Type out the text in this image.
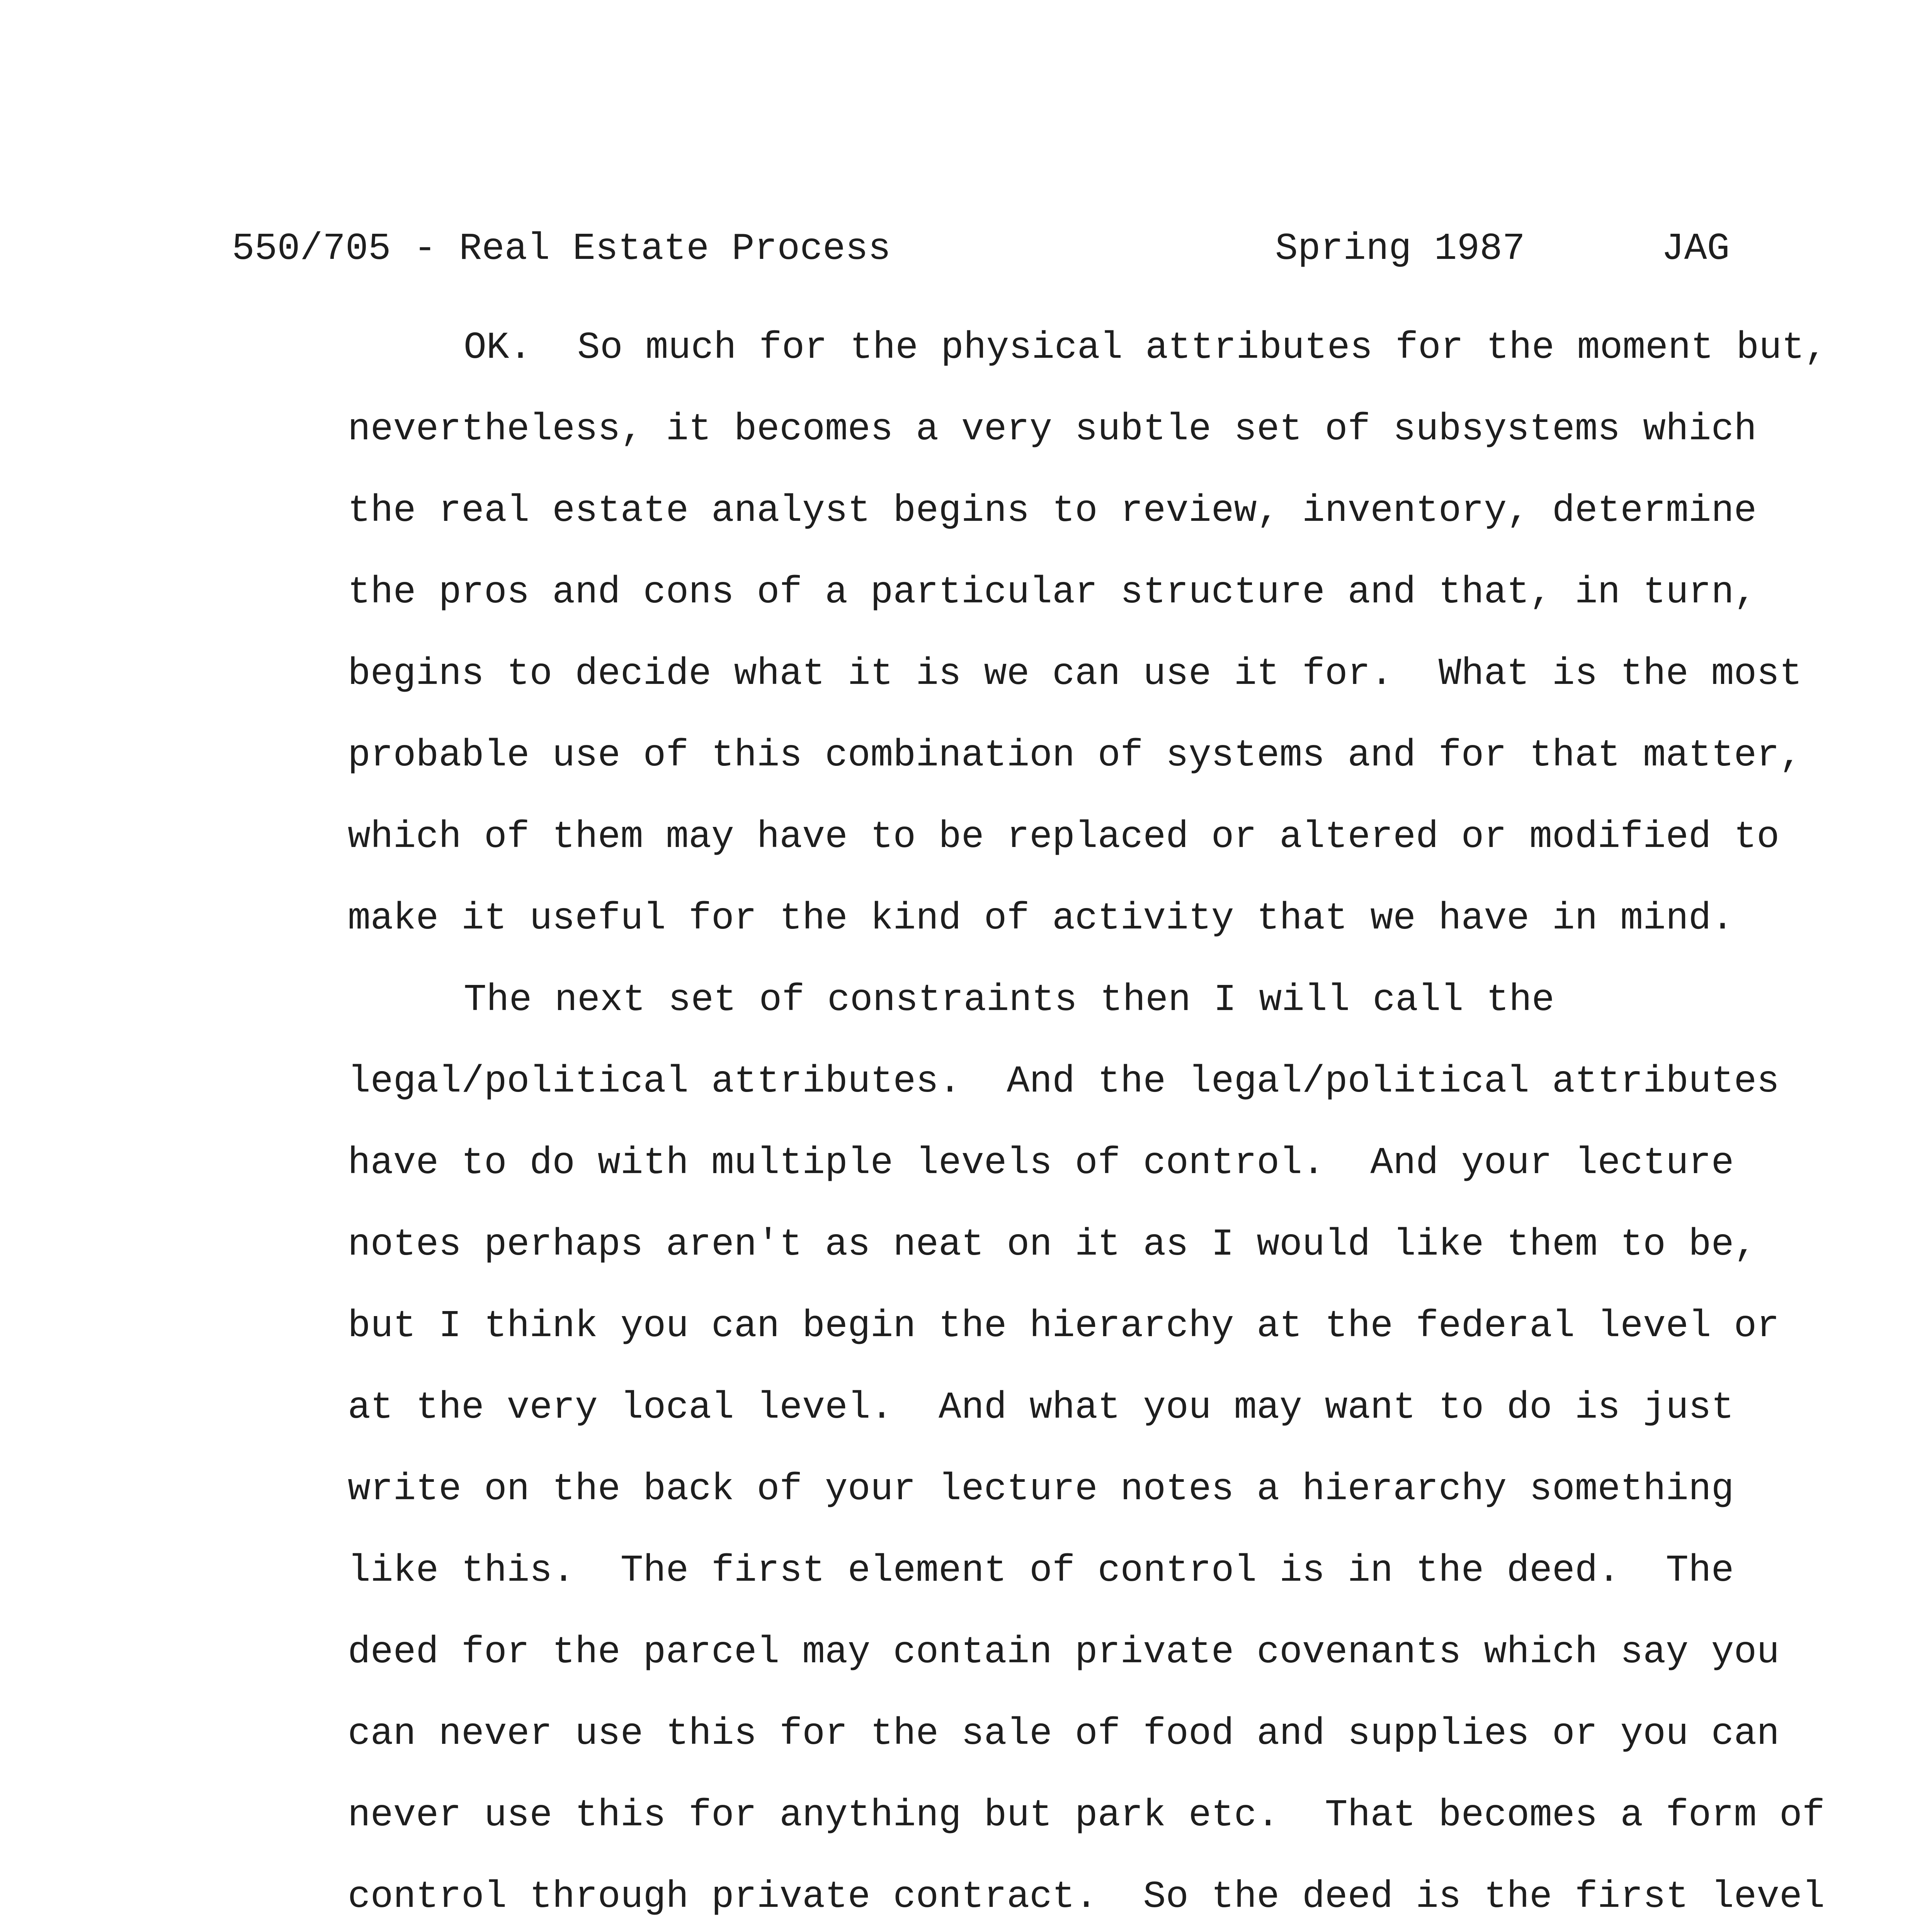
550/705 - Real Estate Process	Spring 1987	JAG
OK.  So much for the physical attributes for the moment but,
nevertheless, it becomes a very subtle set of subsystems which
the real estate analyst begins to review, inventory, determine
the pros and cons of a particular structure and that, in turn,
begins to decide what it is we can use it for.  What is the most
probable use of this combination of systems and for that matter,
which of them may have to be replaced or altered or modified to
make it useful for the kind of activity that we have in mind.
The next set of constraints then I will call the
legal/political attributes.  And the legal/political attributes
have to do with multiple levels of control.  And your lecture
notes perhaps aren't as neat on it as I would like them to be,
but I think you can begin the hierarchy at the federal level or
at the very local level.  And what you may want to do is just
write on the back of your lecture notes a hierarchy something
like this.  The first element of control is in the deed.  The
deed for the parcel may contain private covenants which say you
can never use this for the sale of food and supplies or you can
never use this for anything but park etc.  That becomes a form of
control through private contract.  So the deed is the first level
